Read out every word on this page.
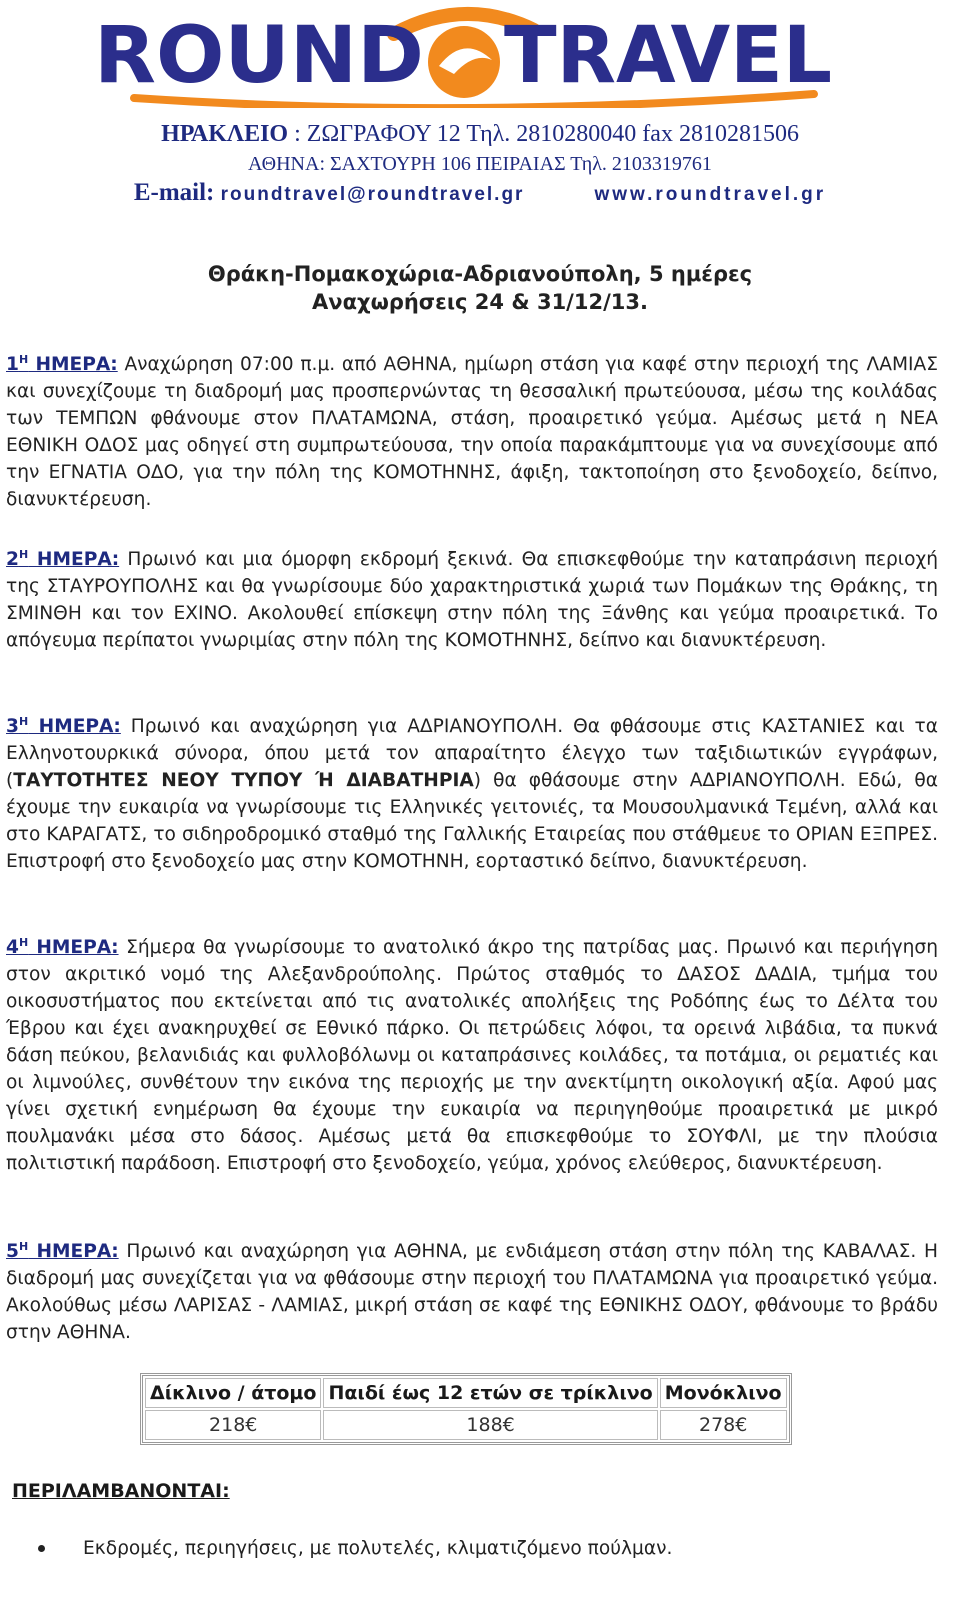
ROUND TRAVEL
ΗΡΑΚΛΕΙΟ : ΖΩΓΡΑΦΟΥ 12 Τηλ. 2810280040 fax 2810281506
ΑΘΗΝΑ: ΣΑΧΤΟΥΡΗ 106 ΠΕΙΡΑΙΑΣ Τηλ. 2103319761
E-mail: roundtravel@roundtravel.gr	www.roundtravel.gr
Θράκη-Πομακοχώρια-Αδριανούπολη, 5 ημέρες
Αναχωρήσεις 24 & 31/12/13.
$1^H$ ΗΜΕΡΑ: Αναχώρηση 07:00 π.μ. από ΑΘΗΝΑ, ημίωρη στάση για καφέ στην περιοχή της ΛΑΜΙΑΣ και συνεχίζουμε τη διαδρομή μας προσπερνώντας τη θεσσαλική πρωτεύουσα, μέσω της κοιλάδας των ΤΕΜΠΩΝ φθάνουμε στον ΠΛΑΤΑΜΩΝΑ, στάση, προαιρετικό γεύμα. Αμέσως μετά η ΝΕΑ ΕΘΝΙΚΗ ΟΔΟΣ μας οδηγεί στη συμπρωτεύουσα, την οποία παρακάμπτουμε για να συνεχίσουμε από την ΕΓΝΑΤΙΑ ΟΔΟ, για την πόλη της ΚΟΜΟΤΗΝΗΣ, άφιξη, τακτοποίηση στο ξενοδοχείο, δείπνο, διανυκτέρευση.
$2^H$ ΗΜΕΡΑ: Πρωινό και μια όμορφη εκδρομή ξεκινά. Θα επισκεφθούμε την καταπράσινη περιοχή της ΣΤΑΥΡΟΥΠΟΛΗΣ και θα γνωρίσουμε δύο χαρακτηριστικά χωριά των Πομάκων της Θράκης, τη ΣΜΙΝΘΗ και τον ΕΧΙΝΟ. Ακολουθεί επίσκεψη στην πόλη της Ξάνθης και γεύμα προαιρετικά. Το απόγευμα περίπατοι γνωριμίας στην πόλη της ΚΟΜΟΤΗΝΗΣ, δείπνο και διανυκτέρευση.
$3^H$ ΗΜΕΡΑ: Πρωινό και αναχώρηση για ΑΔΡΙΑΝΟΥΠΟΛΗ. Θα φθάσουμε στις ΚΑΣΤΑΝΙΕΣ και τα Ελληνοτουρκικά σύνορα, όπου μετά τον απαραίτητο έλεγχο των ταξιδιωτικών εγγράφων, (ΤΑΥΤΟΤΗΤΕΣ ΝΕΟΥ ΤΥΠΟΥ Ή ΔΙΑΒΑΤΗΡΙΑ) θα φθάσουμε στην ΑΔΡΙΑΝΟΥΠΟΛΗ. Εδώ, θα έχουμε την ευκαιρία να γνωρίσουμε τις Ελληνικές γειτονιές, τα Μουσουλμανικά Τεμένη, αλλά και στο ΚΑΡΑΓΑΤΣ, το σιδηροδρομικό σταθμό της Γαλλικής Εταιρείας που στάθμευε το ΟΡΙΑΝ ΕΞΠΡΕΣ. Επιστροφή στο ξενοδοχείο μας στην ΚΟΜΟΤΗΝΗ, εορταστικό δείπνο, διανυκτέρευση.
$4^H$ ΗΜΕΡΑ: Σήμερα θα γνωρίσουμε το ανατολικό άκρο της πατρίδας μας. Πρωινό και περιήγηση στον ακριτικό νομό της Αλεξανδρούπολης. Πρώτος σταθμός το ΔΑΣΟΣ ΔΑΔΙΑ, τμήμα του οικοσυστήματος που εκτείνεται από τις ανατολικές απολήξεις της Ροδόπης έως το Δέλτα του Έβρου και έχει ανακηρυχθεί σε Εθνικό πάρκο. Οι πετρώδεις λόφοι, τα ορεινά λιβάδια, τα πυκνά δάση πεύκου, βελανιδιάς και φυλλοβόλωνμ οι καταπράσινες κοιλάδες, τα ποτάμια, οι ρεματιές και οι λιμνούλες, συνθέτουν την εικόνα της περιοχής με την ανεκτίμητη οικολογική αξία. Αφού μας γίνει σχετική ενημέρωση θα έχουμε την ευκαιρία να περιηγηθούμε προαιρετικά με μικρό πουλμανάκι μέσα στο δάσος. Αμέσως μετά θα επισκεφθούμε το ΣΟΥΦΛΙ, με την πλούσια πολιτιστική παράδοση. Επιστροφή στο ξενοδοχείο, γεύμα, χρόνος ελεύθερος, διανυκτέρευση.
$5^H$ ΗΜΕΡΑ: Πρωινό και αναχώρηση για ΑΘΗΝΑ, με ενδιάμεση στάση στην πόλη της ΚΑΒΑΛΑΣ. Η διαδρομή μας συνεχίζεται για να φθάσουμε στην περιοχή του ΠΛΑΤΑΜΩΝΑ για προαιρετικό γεύμα. Ακολούθως μέσω ΛΑΡΙΣΑΣ - ΛΑΜΙΑΣ, μικρή στάση σε καφέ της ΕΘΝΙΚΗΣ ΟΔΟΥ, φθάνουμε το βράδυ στην ΑΘΗΝΑ.
Δίκλινο / άτομο	Παιδί έως 12 ετών σε τρίκλινο	Μονόκλινο
218€	188€	278€
ΠΕΡΙΛΑΜΒΑΝΟΝΤΑΙ:
Εκδρομές, περιηγήσεις, με πολυτελές, κλιματιζόμενο πούλμαν.
